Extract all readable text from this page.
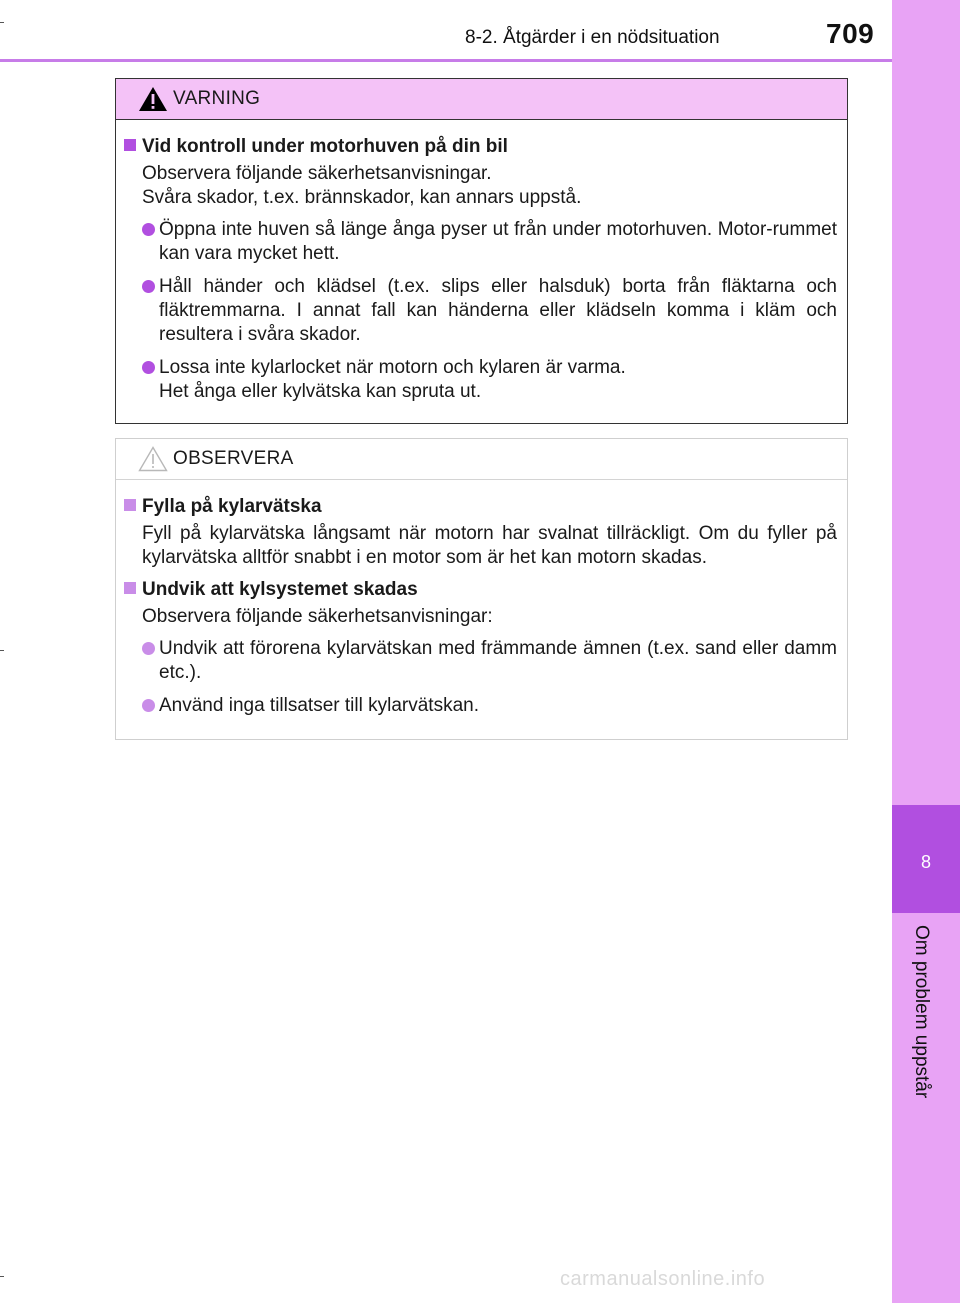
8-2. Åtgärder i en nödsituation	709
8
Om problem uppstår
VARNING
Vid kontroll under motorhuven på din bil
Observera följande säkerhetsanvisningar.
Svåra skador, t.ex. brännskador, kan annars uppstå.
Öppna inte huven så länge ånga pyser ut från under motorhuven. Motor-rummet kan vara mycket hett.
Håll händer och klädsel (t.ex. slips eller halsduk) borta från fläktarna och fläktremmarna. I annat fall kan händerna eller klädseln komma i kläm och resultera i svåra skador.
Lossa inte kylarlocket när motorn och kylaren är varma.
Het ånga eller kylvätska kan spruta ut.
OBSERVERA
Fylla på kylarvätska
Fyll på kylarvätska långsamt när motorn har svalnat tillräckligt. Om du fyller på kylarvätska alltför snabbt i en motor som är het kan motorn skadas.
Undvik att kylsystemet skadas
Observera följande säkerhetsanvisningar:
Undvik att förorena kylarvätskan med främmande ämnen (t.ex. sand eller damm etc.).
Använd inga tillsatser till kylarvätskan.
carmanualsonline.info
